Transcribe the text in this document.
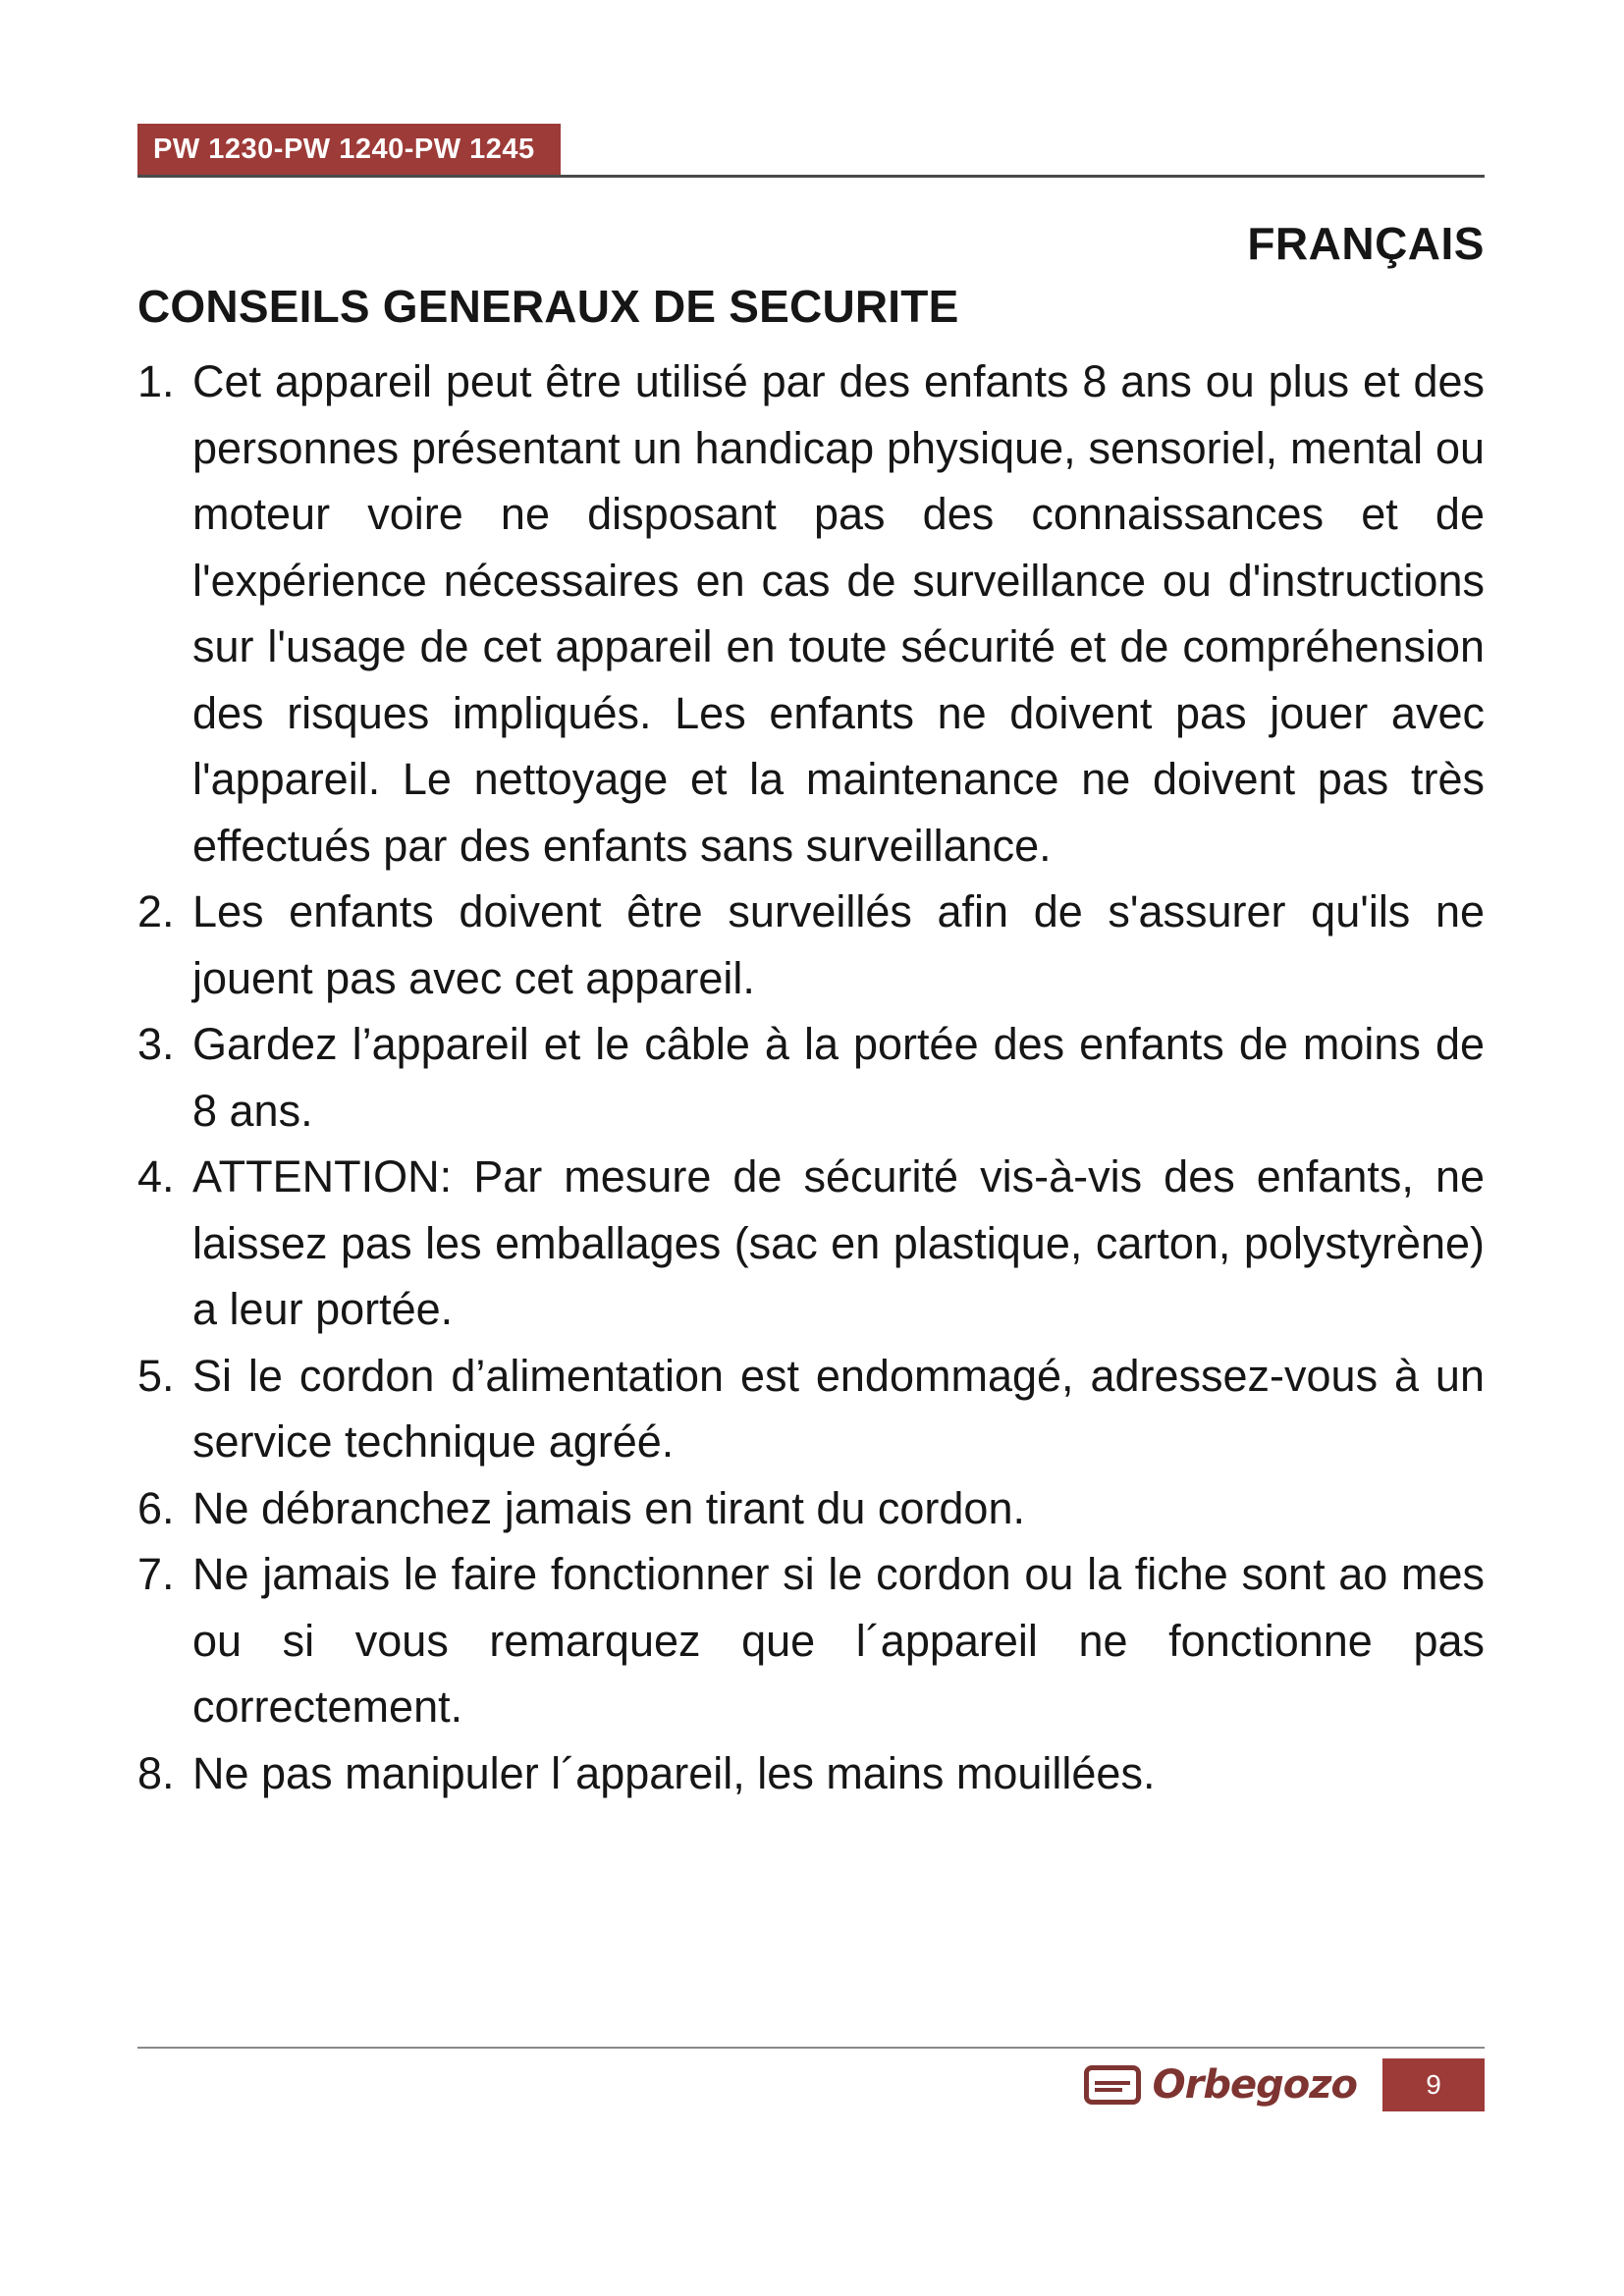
PW 1230-PW 1240-PW 1245
FRANÇAIS
CONSEILS GENERAUX DE SECURITE
1. Cet appareil peut être utilisé par des enfants 8 ans ou plus et des personnes présentant un handicap physique, sensoriel, mental ou moteur voire ne disposant pas des connaissances et de l'expérience nécessaires en cas de surveillance ou d'instructions sur l'usage de cet appareil en toute sécurité et de compréhension des risques impliqués. Les enfants ne doivent pas jouer avec l'appareil. Le nettoyage et la maintenance ne doivent pas très effectués par des enfants sans surveillance.
2. Les enfants doivent être surveillés afin de s'assurer qu'ils ne jouent pas avec cet appareil.
3. Gardez l’appareil et le câble à la portée des enfants de moins de 8 ans.
4. ATTENTION: Par mesure de sécurité vis-à-vis des enfants, ne laissez pas les emballages (sac en plastique, carton, polystyrène) a leur portée.
5. Si le cordon d’alimentation est endommagé, adressez-vous à un service technique agréé.
6. Ne débranchez jamais en tirant du cordon.
7. Ne jamais le faire fonctionner si le cordon ou la fiche sont ao mes ou si vous remarquez que l´appareil ne fonctionne pas correctement.
8. Ne pas manipuler l´appareil, les mains mouillées.
Orbegozo	9
